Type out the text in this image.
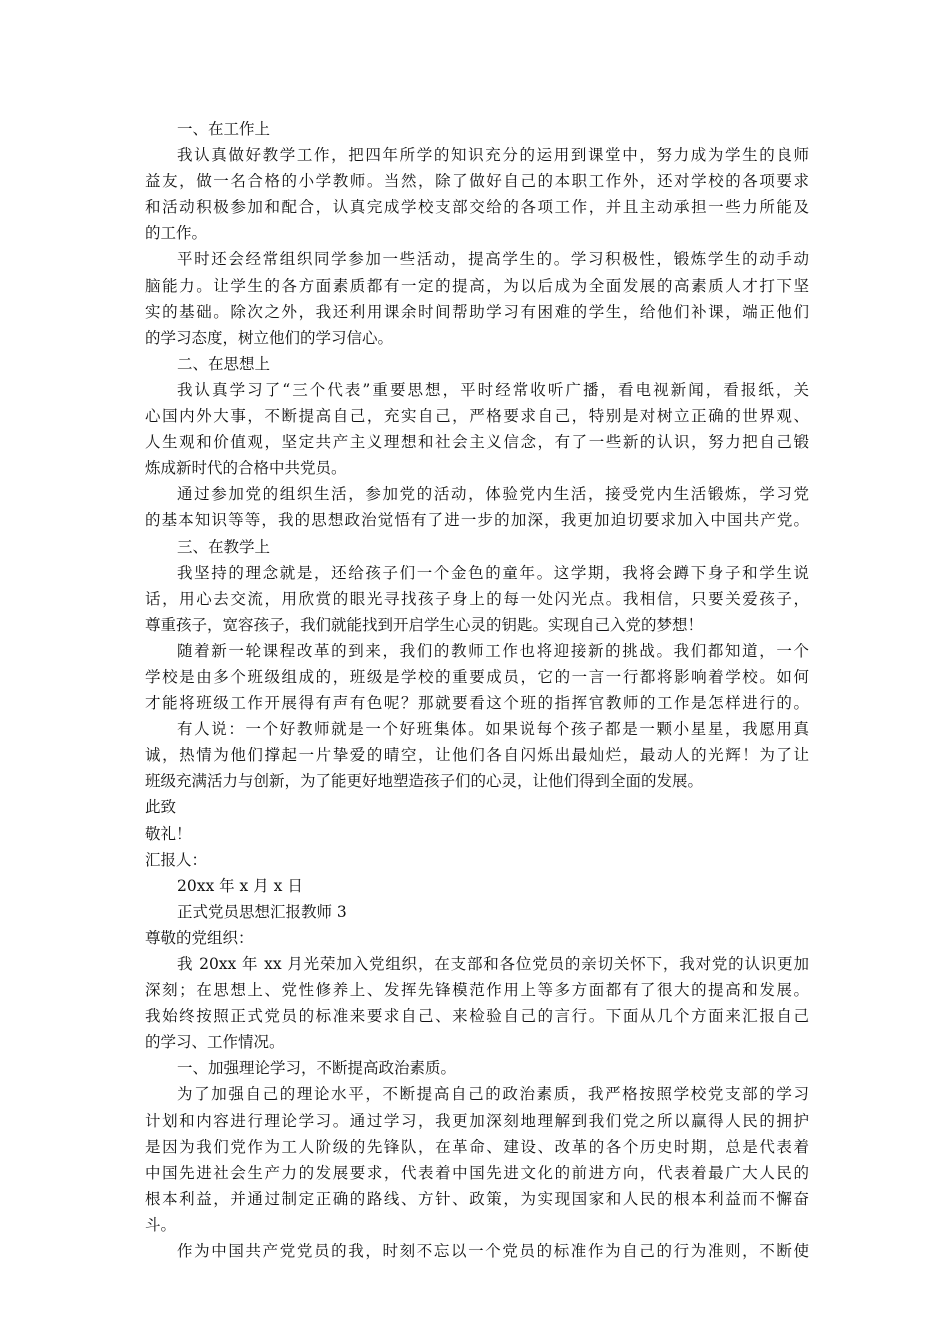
一、在工作上
我认真做好教学工作，把四年所学的知识充分的运用到课堂中，努力成为学生的良师
益友，做一名合格的小学教师。当然，除了做好自己的本职工作外，还对学校的各项要求
和活动积极参加和配合，认真完成学校支部交给的各项工作，并且主动承担一些力所能及
的工作。
平时还会经常组织同学参加一些活动，提高学生的。学习积极性，锻炼学生的动手动
脑能力。让学生的各方面素质都有一定的提高，为以后成为全面发展的高素质人才打下坚
实的基础。除次之外，我还利用课余时间帮助学习有困难的学生，给他们补课，端正他们
的学习态度，树立他们的学习信心。
二、在思想上
我认真学习了“三个代表”重要思想，平时经常收听广播，看电视新闻，看报纸，关
心国内外大事，不断提高自己，充实自己，严格要求自己，特别是对树立正确的世界观、
人生观和价值观，坚定共产主义理想和社会主义信念，有了一些新的认识，努力把自己锻
炼成新时代的合格中共党员。
通过参加党的组织生活，参加党的活动，体验党内生活，接受党内生活锻炼，学习党
的基本知识等等，我的思想政治觉悟有了进一步的加深，我更加迫切要求加入中国共产党。
三、在教学上
我坚持的理念就是，还给孩子们一个金色的童年。这学期，我将会蹲下身子和学生说
话，用心去交流，用欣赏的眼光寻找孩子身上的每一处闪光点。我相信，只要关爱孩子，
尊重孩子，宽容孩子，我们就能找到开启学生心灵的钥匙。实现自己入党的梦想！
随着新一轮课程改革的到来，我们的教师工作也将迎接新的挑战。我们都知道，一个
学校是由多个班级组成的，班级是学校的重要成员，它的一言一行都将影响着学校。如何
才能将班级工作开展得有声有色呢？那就要看这个班的指挥官教师的工作是怎样进行的。
有人说：一个好教师就是一个好班集体。如果说每个孩子都是一颗小星星，我愿用真
诚，热情为他们撑起一片挚爱的晴空，让他们各自闪烁出最灿烂，最动人的光辉！为了让
班级充满活力与创新，为了能更好地塑造孩子们的心灵，让他们得到全面的发展。
此致
敬礼！
汇报人：
20xx 年 x 月 x 日
正式党员思想汇报教师 3
尊敬的党组织：
我 20xx 年 xx 月光荣加入党组织，在支部和各位党员的亲切关怀下，我对党的认识更加
深刻；在思想上、党性修养上、发挥先锋模范作用上等多方面都有了很大的提高和发展。
我始终按照正式党员的标准来要求自己、来检验自己的言行。下面从几个方面来汇报自己
的学习、工作情况。
一、加强理论学习，不断提高政治素质。
为了加强自己的理论水平，不断提高自己的政治素质，我严格按照学校党支部的学习
计划和内容进行理论学习。通过学习，我更加深刻地理解到我们党之所以赢得人民的拥护
是因为我们党作为工人阶级的先锋队，在革命、建设、改革的各个历史时期，总是代表着
中国先进社会生产力的发展要求，代表着中国先进文化的前进方向，代表着最广大人民的
根本利益，并通过制定正确的路线、方针、政策，为实现国家和人民的根本利益而不懈奋
斗。
作为中国共产党党员的我，时刻不忘以一个党员的标准作为自己的行为准则，不断使
